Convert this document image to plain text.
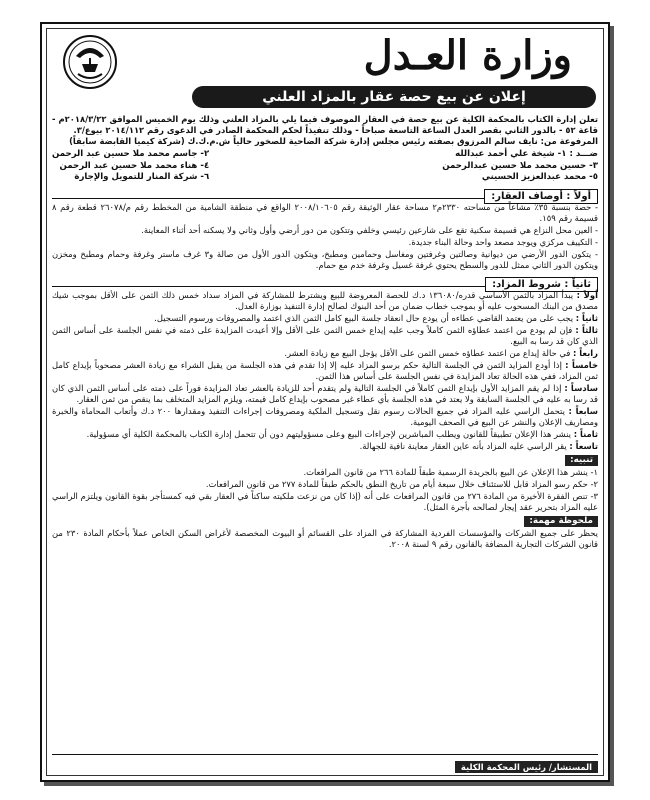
وزارة العـدل
إعلان عن بيع حصة عقار بالمزاد العلني

تعلن إدارة الكتاب بالمحكمة الكلية عن بيع حصة في العقار الموصوف فيما يلي بالمزاد العلني وذلك يوم الخميس الموافق ٢٠١٨/٣/٢٢م - قاعة ٥٢ - بالدور الثاني بقصر العدل الساعة التاسعة صباحاً - وذلك تنفيذاً لحكم المحكمة الصادر في الدعوى رقم ٢٠١٤/١١٢ بيوع/٣.

المرفوعة من: نايف سالم المرزوق بصفته رئيس مجلس إدارة شركة الضاحية للصخور حالياً ش.م.ك.ك (شركة كيميا القابضة سابقاً)

ضـــد : ١- شيخة علي أحمد عبدالله
٣- حسين محمد ملا حسين عبدالرحمن
٥- محمد عبدالعزيز الحسيني
٢- جاسم محمد ملا حسين عبد الرحمن
٤- هناء محمد ملا حسين عبد الرحمن
٦- شركة المنار للتمويل والإجارة
أولاً : أوصاف العقار:

- حصة بنسبة ٣٥٪ مشاعاً من مساحته ٢٣٣٠م٢ مساحة عقار الوثيقة رقم ٢٠٠٨/١٠٦٠٥ الواقع في منطقة الشامية من المخطط رقم م/٢٦٠٧٨ قطعة رقم ٨ قسيمة رقم ١٥٩.

- العين محل النزاع هي قسيمة سكنية تقع على شارعين رئيسي وخلفي وتتكون من دور أرضي وأول وثاني ولا يسكنه أحد أثناء المعاينة.

- التكييف مركزي ويوجد مصعد واحد وحالة البناء جديدة.

- يتكون الدور الأرضي من ديوانية وصالتين وغرفتين ومغاسل وحمامين ومطبخ، ويتكون الدور الأول من صالة و٣ غرف ماستر وغرفة وحمام ومطبخ ومخزن ويتكون الدور الثاني ممثل للدور والسطح يحتوي غرفة غسيل وغرفة خدم مع حمام.

ثانياً : شروط المزاد:

أولاً : يبدأ المزاد بالثمن الأساسي قدره/١٣٦٠٨٠ د.ك للحصة المعروضة للبيع ويشترط للمشاركة في المزاد سداد خمس ذلك الثمن على الأقل بموجب شيك مصدق من البنك المسحوب عليه أو بموجب خطاب ضمان من أحد البنوك لصالح إدارة التنفيذ بوزارة العدل.

ثانياً : يجب على من يعتمد القاضي عطاءه أن يودع حال انعقاد جلسة البيع كامل الثمن الذي اعتمد والمصروفات ورسوم التسجيل.

ثالثاً : فإن لم يودع من اعتمد عطاؤه الثمن كاملاً وجب عليه إيداع خمس الثمن على الأقل وإلا أعيدت المزايدة على ذمته في نفس الجلسة على أساس الثمن الذي كان قد رسا به البيع.

رابعاً : في حالة إيداع من اعتمد عطاؤه خمس الثمن على الأقل يؤجل البيع مع زيادة العشر.

خامساً : إذا أودع المزايد الثمن في الجلسة التالية حكم برسو المزاد عليه إلا إذا تقدم في هذه الجلسة من يقبل الشراء مع زيادة العشر مصحوباً بإيداع كامل ثمن المزاد، ففي هذه الحالة تعاد المزايدة في نفس الجلسة على أساس هذا الثمن.

سادساً : إذا لم يقم المزايد الأول بإيداع الثمن كاملاً في الجلسة التالية ولم يتقدم أحد للزيادة بالعشر تعاد المزايدة فوراً على ذمته على أساس الثمن الذي كان قد رسا به عليه في الجلسة السابقة ولا يعتد في هذه الجلسة بأي عطاء غير مصحوب بإيداع كامل قيمته، ويلزم المزايد المتخلف بما ينقص من ثمن العقار.

سابعاً : يتحمل الراسي عليه المزاد في جميع الحالات رسوم نقل وتسجيل الملكية ومصروفات إجراءات التنفيذ ومقدارها ٢٠٠ د.ك وأتعاب المحاماة والخبرة ومصاريف الإعلان والنشر عن البيع في الصحف اليومية.

ثامناً : ينشر هذا الإعلان تطبيقاً للقانون ويطلب المباشرين لإجراءات البيع وعلى مسؤوليتهم دون أن تتحمل إدارة الكتاب بالمحكمة الكلية أي مسؤولية.

تاسعاً : يقر الراسي عليه المزاد بأنه عاين العقار معاينة نافية للجهالة.

تنبيه:

١- ينشر هذا الإعلان عن البيع بالجريدة الرسمية طبقاً للمادة ٢٦٦ من قانون المرافعات.

٢- حكم رسو المزاد قابل للاستئناف خلال سبعة أيام من تاريخ النطق بالحكم طبقاً للمادة ٢٧٧ من قانون المرافعات.

٣- تنص الفقرة الأخيرة من المادة ٢٧٦ من قانون المرافعات على أنه (إذا كان من نزعت ملكيته ساكناً في العقار بقي فيه كمستأجر بقوة القانون ويلتزم الراسي عليه المزاد بتحرير عقد إيجار لصالحه بأجرة المثل).

ملحوظة مهمة:

يحظر على جميع الشركات والمؤسسات الفردية المشاركة في المزاد على القسائم أو البيوت المخصصة لأغراض السكن الخاص عملاً بأحكام المادة ٢٣٠ من قانون الشركات التجارية المضافة بالقانون رقم ٩ لسنة ٢٠٠٨.

المستشار/ رئيس المحكمة الكلية
